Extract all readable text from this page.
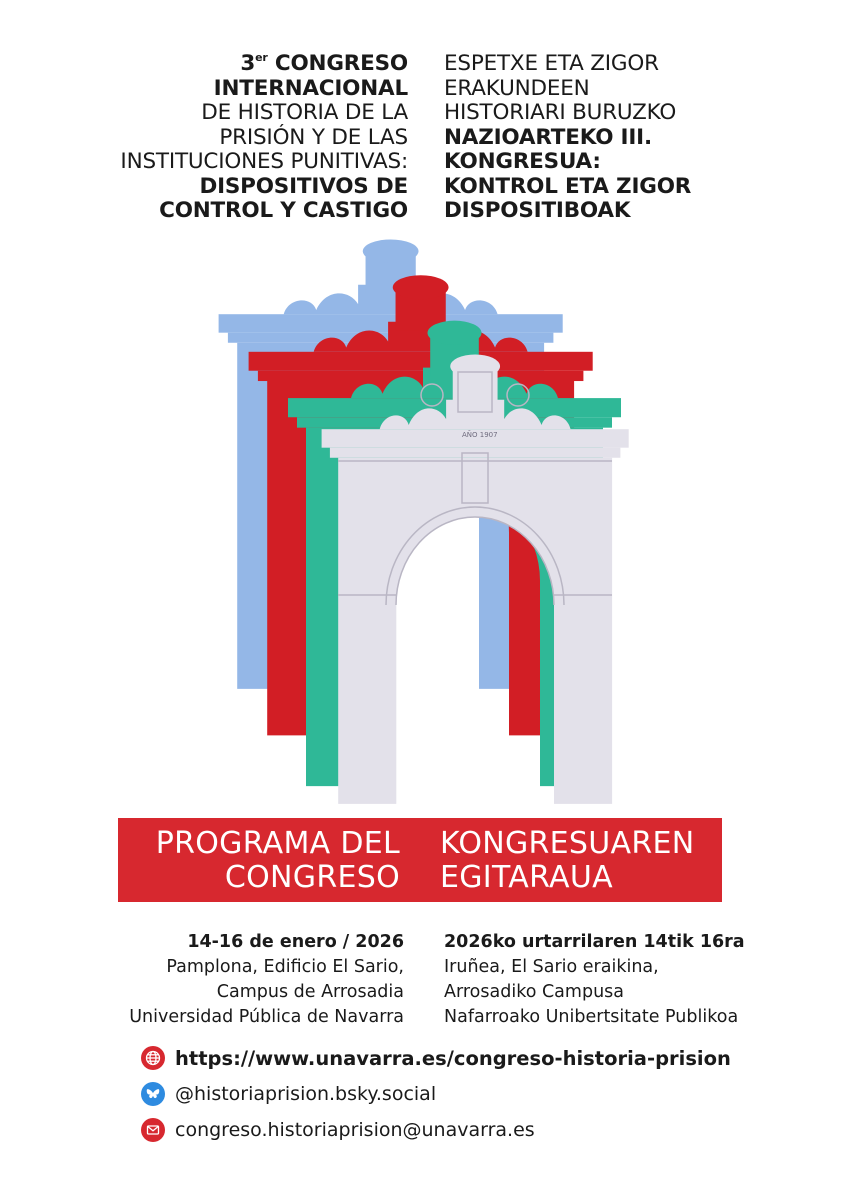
3er CONGRESO
INTERNACIONAL
DE HISTORIA DE LA
PRISIÓN Y DE LAS
INSTITUCIONES PUNITIVAS:
DISPOSITIVOS DE
CONTROL Y CASTIGO
ESPETXE ETA ZIGOR
ERAKUNDEEN
HISTORIARI BURUZKO
NAZIOARTEKO III.
KONGRESUA:
KONTROL ETA ZIGOR
DISPOSITIBOAK
AÑO 1907
PROGRAMA DEL
CONGRESO
KONGRESUAREN
EGITARAUA
14-16 de enero / 2026
Pamplona, Edificio El Sario,
Campus de Arrosadia
Universidad Pública de Navarra
2026ko urtarrilaren 14tik 16ra
Iruñea, El Sario eraikina,
Arrosadiko Campusa
Nafarroako Unibertsitate Publikoa
https://www.unavarra.es/congreso-historia-prision
@historiaprision.bsky.social
congreso.historiaprision@unavarra.es
